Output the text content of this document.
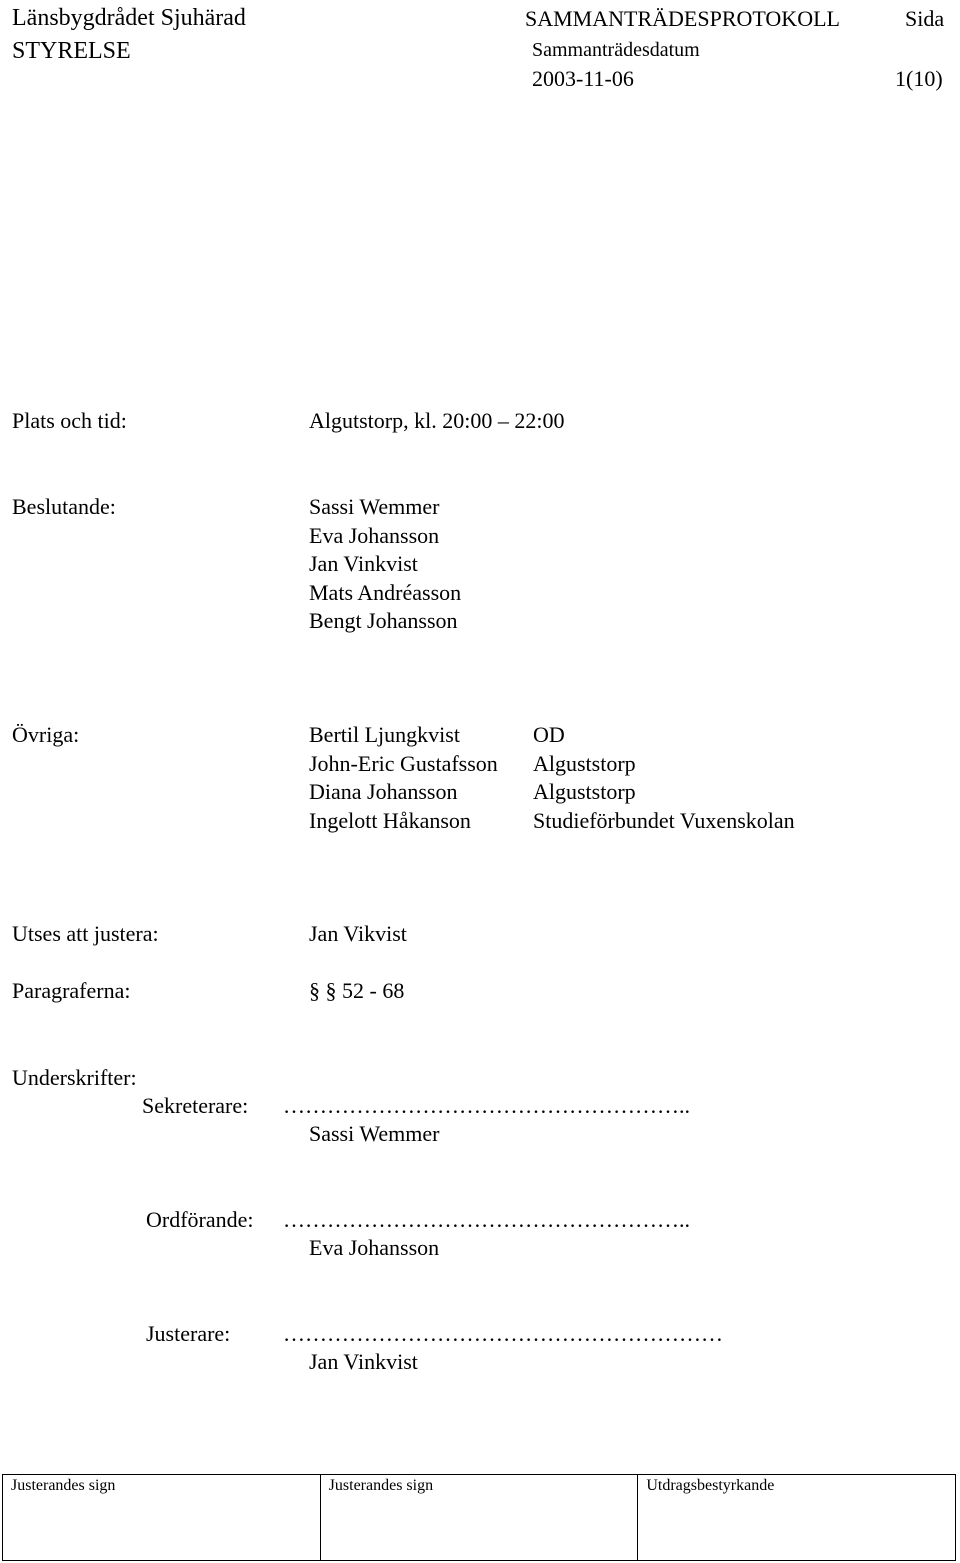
Länsbygdrådet Sjuhärad
STYRELSE
SAMMANTRÄDESPROTOKOLL	Sida
Sammanträdesdatum
2003-11-06	1(10)
Plats och tid:	Algutstorp, kl. 20:00 – 22:00
Beslutande:	Sassi Wemmer
Eva Johansson
Jan Vinkvist
Mats Andréasson
Bengt Johansson
Övriga:	Bertil Ljungkvist	OD
John-Eric Gustafsson	Alguststorp
Diana Johansson	Alguststorp
Ingelott Håkanson	Studieförbundet Vuxenskolan
Utses att justera:	Jan Vikvist
Paragraferna:	§ § 52 - 68
Underskrifter:
Sekreterare: ………………………………………………..
Sassi Wemmer
Ordförande: ………………………………………………..
Eva Johansson
Justerare: ……………………………………………………
Jan Vinkvist
Justerandes sign	Justerandes sign	Utdragsbestyrkande
